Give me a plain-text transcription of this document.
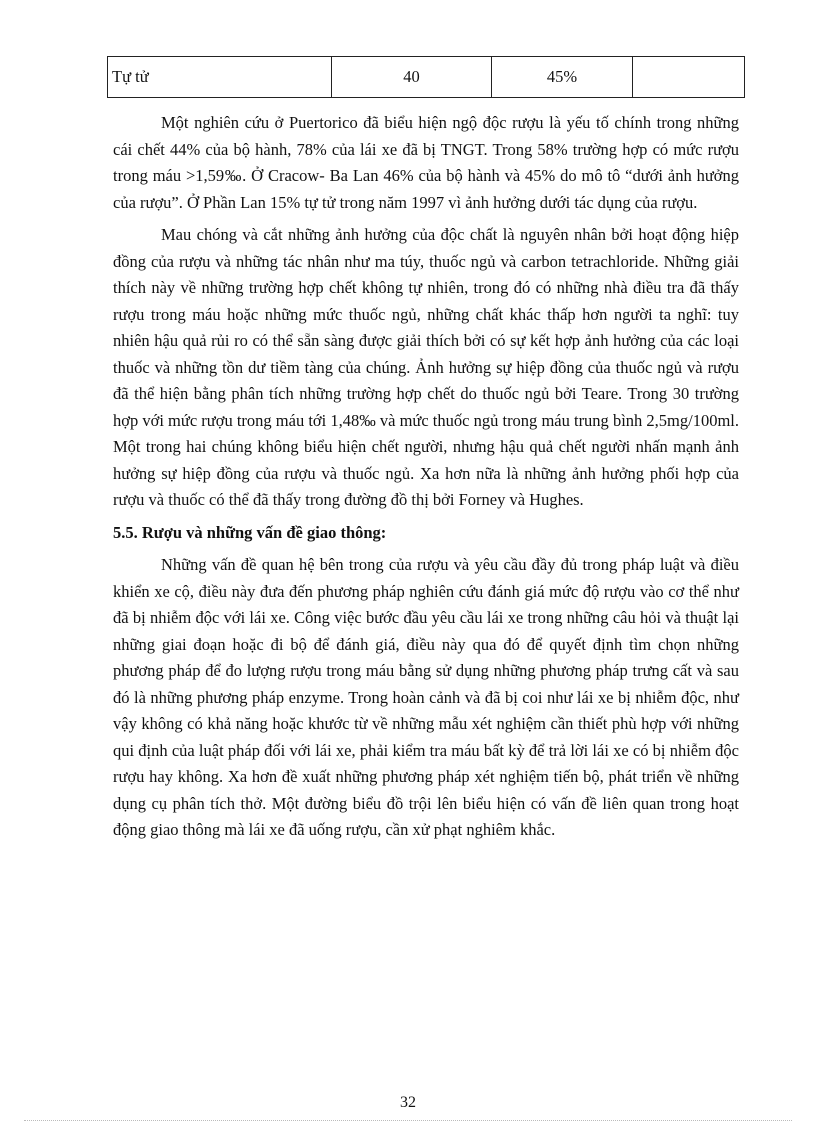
Tự tử	40	45%	

Một nghiên cứu ở Puertorico đã biểu hiện ngộ độc rượu là yếu tố chính trong những cái chết 44% của bộ hành, 78% của lái xe đã bị TNGT. Trong 58% trường hợp có mức rượu trong máu >1,59‰. Ở Cracow- Ba Lan 46% của bộ hành và 45% do mô tô “dưới ảnh hưởng của rượu”. Ở Phần Lan 15% tự tử trong năm 1997 vì ảnh hưởng dưới tác dụng của rượu.

Mau chóng và cắt những ảnh hưởng của độc chất là nguyên nhân bởi hoạt động hiệp đồng của rượu và những tác nhân như ma túy, thuốc ngủ và carbon tetrachloride. Những giải thích này về những trường hợp chết không tự nhiên, trong đó có những nhà điều tra đã thấy rượu trong máu hoặc những mức thuốc ngủ, những chất khác thấp hơn người ta nghĩ: tuy nhiên hậu quả rủi ro có thể sẵn sàng được giải thích bởi có sự kết hợp ảnh hưởng của các loại thuốc và những tồn dư tiềm tàng của chúng. Ảnh hưởng sự hiệp đồng của thuốc ngủ và rượu đã thể hiện bằng phân tích những trường hợp chết do thuốc ngủ bởi Teare. Trong 30 trường hợp với mức rượu trong máu tới 1,48‰ và mức thuốc ngủ trong máu trung bình 2,5mg/100ml. Một trong hai chúng không biểu hiện chết người, nhưng hậu quả chết người nhấn mạnh ảnh hưởng sự hiệp đồng của rượu và thuốc ngủ. Xa hơn nữa là những ảnh hưởng phối hợp của rượu và thuốc có thể đã thấy trong đường đồ thị bởi Forney và Hughes.

5.5. Rượu và những vấn đề giao thông:

Những vấn đề quan hệ bên trong của rượu và yêu cầu đầy đủ trong pháp luật và điều khiển xe cộ, điều này đưa đến phương pháp nghiên cứu đánh giá mức độ rượu vào cơ thể như đã bị nhiễm độc với lái xe. Công việc bước đầu yêu cầu lái xe trong những câu hỏi và thuật lại những giai đoạn hoặc đi bộ để đánh giá, điều này qua đó để quyết định tìm chọn những phương pháp để đo lượng rượu trong máu bằng sử dụng những phương pháp trưng cất và sau đó là những phương pháp enzyme. Trong hoàn cảnh và đã bị coi như lái xe bị nhiễm độc, như vậy không có khả năng hoặc khước từ về những mẫu xét nghiệm cần thiết phù hợp với những qui định của luật pháp đối với lái xe, phải kiểm tra máu bất kỳ để trả lời lái xe có bị nhiễm độc rượu hay không. Xa hơn đề xuất những phương pháp xét nghiệm tiến bộ, phát triển về những dụng cụ phân tích thở. Một đường biểu đồ trội lên biểu hiện có vấn đề liên quan trong hoạt động giao thông mà lái xe đã uống rượu, cần xử phạt nghiêm khắc.

32
